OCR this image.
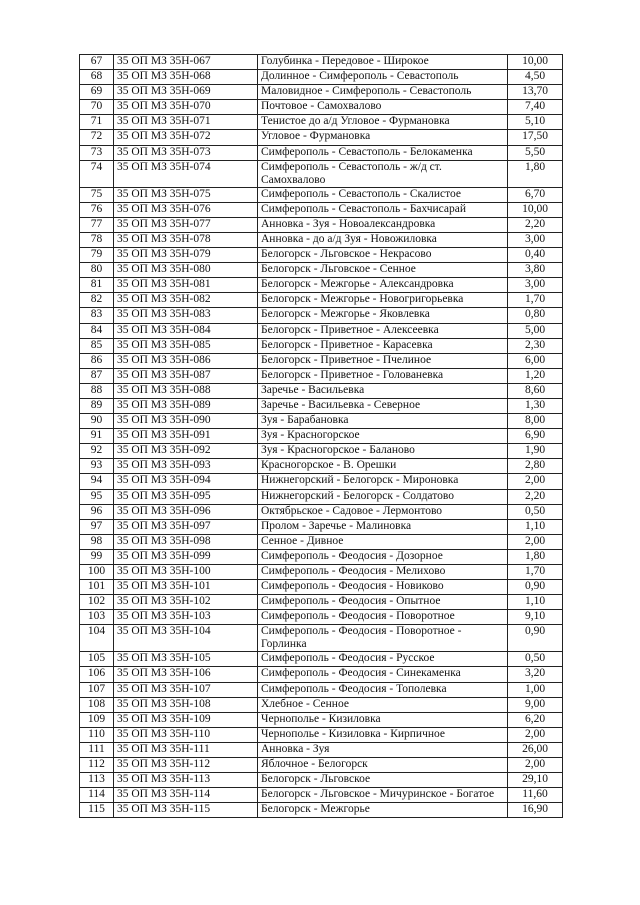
67	35 ОП МЗ 35Н-067	Голубинка - Передовое - Широкое	10,00
68	35 ОП МЗ 35Н-068	Долинное - Симферополь - Севастополь	4,50
69	35 ОП МЗ 35Н-069	Маловидное - Симферополь - Севастополь	13,70
70	35 ОП МЗ 35Н-070	Почтовое - Самохвалово	7,40
71	35 ОП МЗ 35Н-071	Тенистое до а/д Угловое - Фурмановка	5,10
72	35 ОП МЗ 35Н-072	Угловое - Фурмановка	17,50
73	35 ОП МЗ 35Н-073	Симферополь - Севастополь - Белокаменка	5,50
74	35 ОП МЗ 35Н-074	Симферополь - Севастополь - ж/д ст. Самохвалово	1,80
75	35 ОП МЗ 35Н-075	Симферополь - Севастополь - Скалистое	6,70
76	35 ОП МЗ 35Н-076	Симферополь - Севастополь - Бахчисарай	10,00
77	35 ОП МЗ 35Н-077	Анновка - Зуя - Новоалександровка	2,20
78	35 ОП МЗ 35Н-078	Анновка - до а/д Зуя - Новожиловка	3,00
79	35 ОП МЗ 35Н-079	Белогорск - Льговское - Некрасово	0,40
80	35 ОП МЗ 35Н-080	Белогорск - Льговское - Сенное	3,80
81	35 ОП МЗ 35Н-081	Белогорск - Межгорье - Александровка	3,00
82	35 ОП МЗ 35Н-082	Белогорск - Межгорье - Новогригорьевка	1,70
83	35 ОП МЗ 35Н-083	Белогорск - Межгорье - Яковлевка	0,80
84	35 ОП МЗ 35Н-084	Белогорск - Приветное - Алексеевка	5,00
85	35 ОП МЗ 35Н-085	Белогорск - Приветное - Карасевка	2,30
86	35 ОП МЗ 35Н-086	Белогорск - Приветное - Пчелиное	6,00
87	35 ОП МЗ 35Н-087	Белогорск - Приветное - Голованевка	1,20
88	35 ОП МЗ 35Н-088	Заречье - Васильевка	8,60
89	35 ОП МЗ 35Н-089	Заречье - Васильевка - Северное	1,30
90	35 ОП МЗ 35Н-090	Зуя - Барабановка	8,00
91	35 ОП МЗ 35Н-091	Зуя - Красногорское	6,90
92	35 ОП МЗ 35Н-092	Зуя - Красногорское - Баланово	1,90
93	35 ОП МЗ 35Н-093	Красногорское - В. Орешки	2,80
94	35 ОП МЗ 35Н-094	Нижнегорский - Белогорск - Мироновка	2,00
95	35 ОП МЗ 35Н-095	Нижнегорский - Белогорск - Солдатово	2,20
96	35 ОП МЗ 35Н-096	Октябрьское - Садовое - Лермонтово	0,50
97	35 ОП МЗ 35Н-097	Пролом - Заречье - Малиновка	1,10
98	35 ОП МЗ 35Н-098	Сенное - Дивное	2,00
99	35 ОП МЗ 35Н-099	Симферополь - Феодосия - Дозорное	1,80
100	35 ОП МЗ 35Н-100	Симферополь - Феодосия - Мелихово	1,70
101	35 ОП МЗ 35Н-101	Симферополь - Феодосия - Новиково	0,90
102	35 ОП МЗ 35Н-102	Симферополь - Феодосия - Опытное	1,10
103	35 ОП МЗ 35Н-103	Симферополь - Феодосия - Поворотное	9,10
104	35 ОП МЗ 35Н-104	Симферополь - Феодосия - Поворотное - Горлинка	0,90
105	35 ОП МЗ 35Н-105	Симферополь - Феодосия - Русское	0,50
106	35 ОП МЗ 35Н-106	Симферополь - Феодосия - Синекаменка	3,20
107	35 ОП МЗ 35Н-107	Симферополь - Феодосия - Тополевка	1,00
108	35 ОП МЗ 35Н-108	Хлебное - Сенное	9,00
109	35 ОП МЗ 35Н-109	Чернополье - Кизиловка	6,20
110	35 ОП МЗ 35Н-110	Чернополье - Кизиловка - Кирпичное	2,00
111	35 ОП МЗ 35Н-111	Анновка - Зуя	26,00
112	35 ОП МЗ 35Н-112	Яблочное - Белогорск	2,00
113	35 ОП МЗ 35Н-113	Белогорск - Льговское	29,10
114	35 ОП МЗ 35Н-114	Белогорск - Льговское - Мичуринское - Богатое	11,60
115	35 ОП МЗ 35Н-115	Белогорск - Межгорье	16,90
